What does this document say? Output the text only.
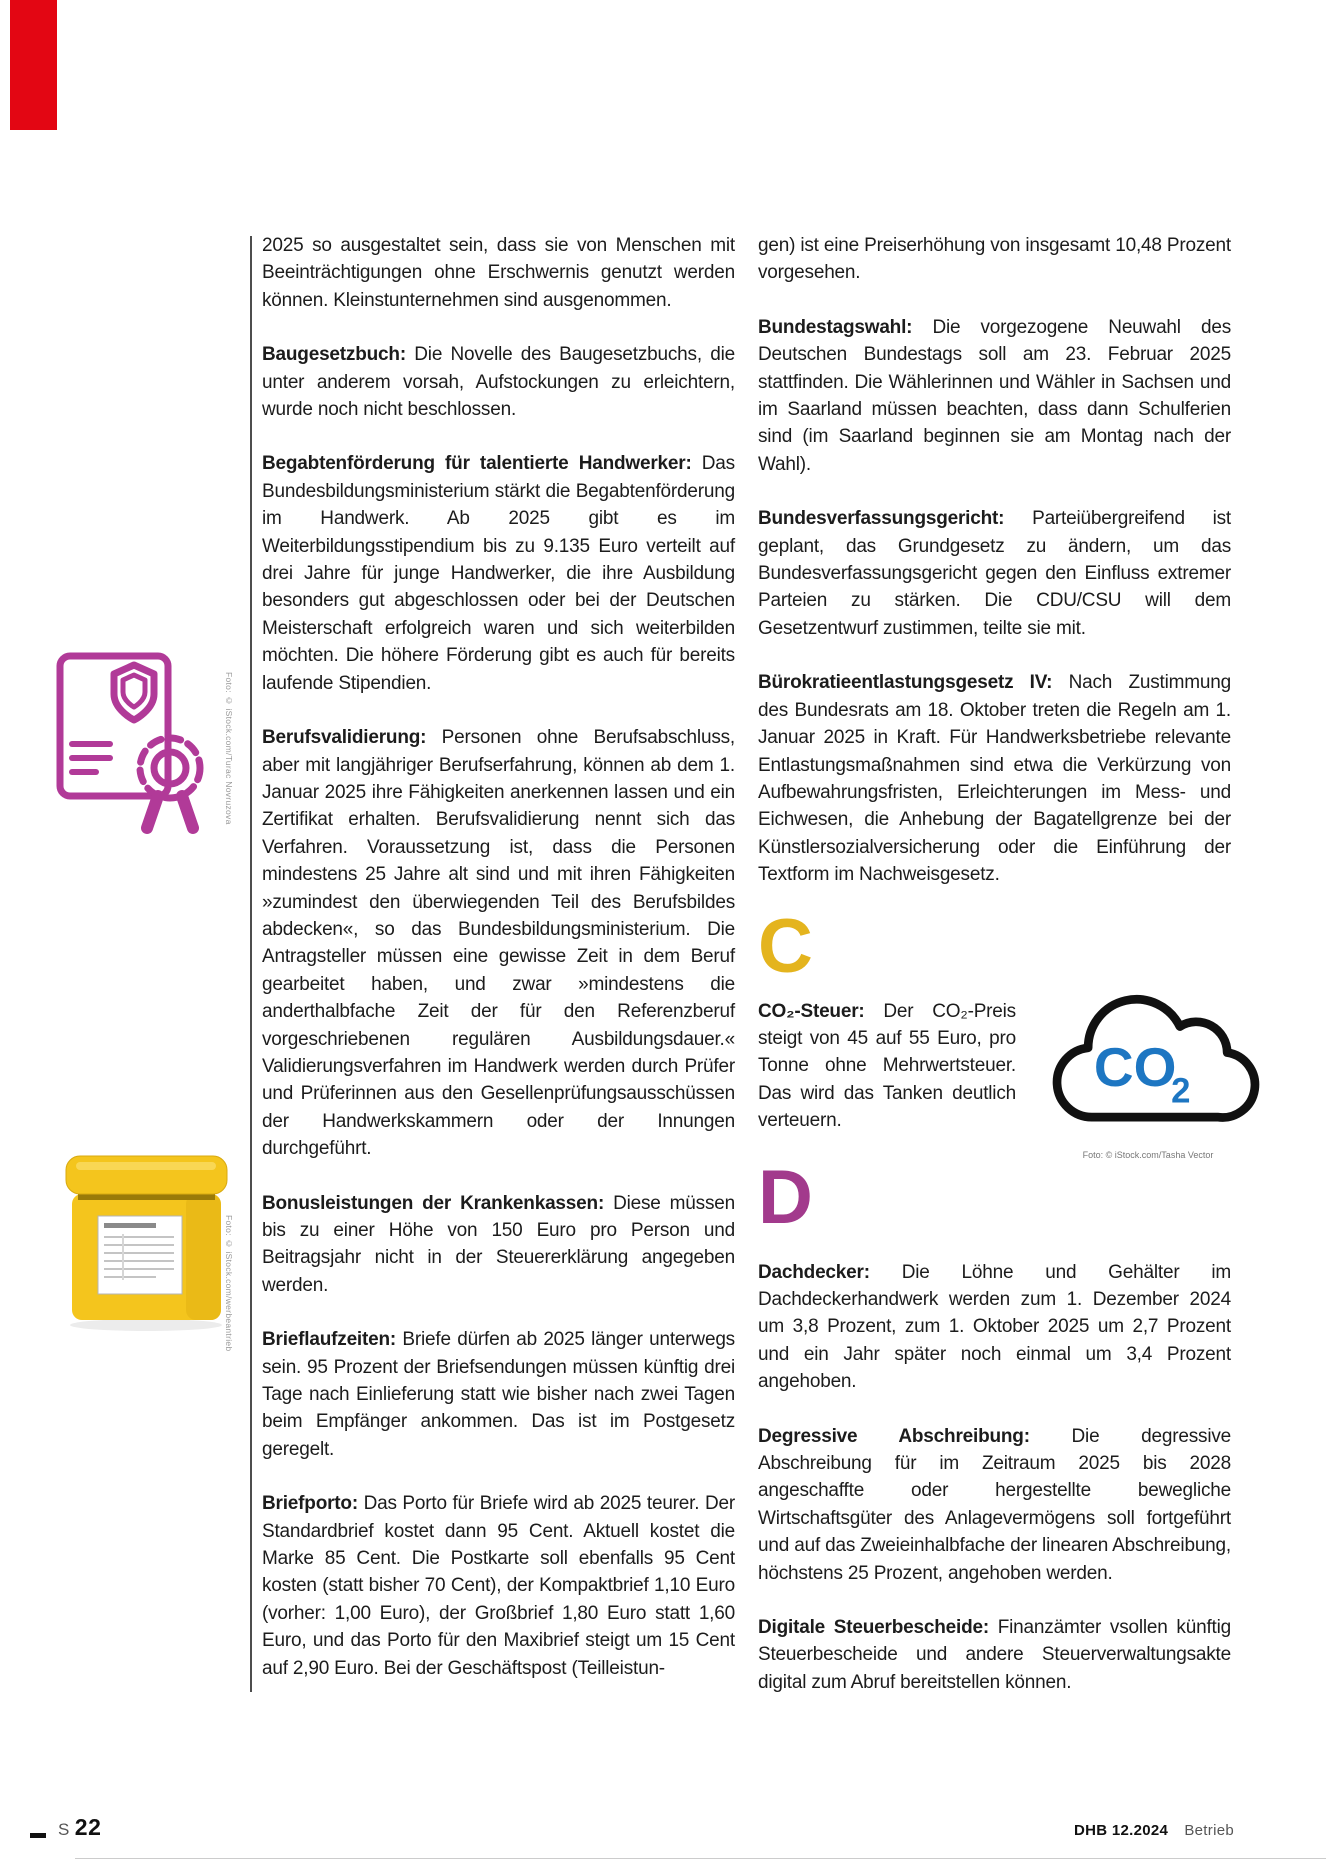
Foto: © iStock.com/Turac Novruzova
Foto: © iStock.com/werbeantrieb

2025 so ausgestaltet sein, dass sie von Menschen mit Beeinträchtigungen ohne Erschwernis genutzt werden können. Kleinstunternehmen sind ausgenommen.

Baugesetzbuch: Die Novelle des Baugesetzbuchs, die unter anderem vorsah, Aufstockungen zu erleichtern, wurde noch nicht beschlossen.

Begabtenförderung für talentierte Handwerker: Das Bundesbildungsministerium stärkt die Begabtenförderung im Handwerk. Ab 2025 gibt es im Weiterbildungsstipendium bis zu 9.135 Euro verteilt auf drei Jahre für junge Handwerker, die ihre Ausbildung besonders gut abgeschlossen oder bei der Deutschen Meisterschaft erfolgreich waren und sich weiterbilden möchten. Die höhere Förderung gibt es auch für bereits laufende Stipendien.

Berufsvalidierung: Personen ohne Berufsabschluss, aber mit langjähriger Berufserfahrung, können ab dem 1. Januar 2025 ihre Fähigkeiten anerkennen lassen und ein Zertifikat erhalten. Berufsvalidierung nennt sich das Verfahren. Voraussetzung ist, dass die Personen mindestens 25 Jahre alt sind und mit ihren Fähigkeiten »zumindest den überwiegenden Teil des Berufsbildes abdecken«, so das Bundesbildungsministerium. Die Antragsteller müssen eine gewisse Zeit in dem Beruf gearbeitet haben, und zwar »mindestens die anderthalbfache Zeit der für den Referenzberuf vorgeschriebenen regulären Ausbildungsdauer.« Validierungsverfahren im Handwerk werden durch Prüfer und Prüferinnen aus den Gesellenprüfungsausschüssen der Handwerkskammern oder der Innungen durchgeführt.

Bonusleistungen der Krankenkassen: Diese müssen bis zu einer Höhe von 150 Euro pro Person und Beitragsjahr nicht in der Steuererklärung angegeben werden.

Brieflaufzeiten: Briefe dürfen ab 2025 länger unterwegs sein. 95 Prozent der Briefsendungen müssen künftig drei Tage nach Einlieferung statt wie bisher nach zwei Tagen beim Empfänger ankommen. Das ist im Postgesetz geregelt.

Briefporto: Das Porto für Briefe wird ab 2025 teurer. Der Standardbrief kostet dann 95 Cent. Aktuell kostet die Marke 85 Cent. Die Postkarte soll ebenfalls 95 Cent kosten (statt bisher 70 Cent), der Kompaktbrief 1,10 Euro (vorher: 1,00 Euro), der Großbrief 1,80 Euro statt 1,60 Euro, und das Porto für den Maxibrief steigt um 15 Cent auf 2,90 Euro. Bei der Geschäftspost (Teilleistun-

gen) ist eine Preiserhöhung von insgesamt 10,48 Prozent vorgesehen.

Bundestagswahl: Die vorgezogene Neuwahl des Deutschen Bundestags soll am 23. Februar 2025 stattfinden. Die Wählerinnen und Wähler in Sachsen und im Saarland müssen beachten, dass dann Schulferien sind (im Saarland beginnen sie am Montag nach der Wahl).

Bundesverfassungsgericht: Parteiübergreifend ist geplant, das Grundgesetz zu ändern, um das Bundesverfassungsgericht gegen den Einfluss extremer Parteien zu stärken. Die CDU/CSU will dem Gesetzentwurf zustimmen, teilte sie mit.

Bürokratieentlastungsgesetz IV: Nach Zustimmung des Bundesrats am 18. Oktober treten die Regeln am 1. Januar 2025 in Kraft. Für Handwerksbetriebe relevante Entlastungsmaßnahmen sind etwa die Verkürzung von Aufbewahrungsfristen, Erleichterungen im Mess- und Eichwesen, die Anhebung der Bagatellgrenze bei der Künstlersozialversicherung oder die Einführung der Textform im Nachweisgesetz.

C

CO₂-Steuer: Der CO₂-Preis steigt von 45 auf 55 Euro, pro Tonne ohne Mehrwertsteuer. Das wird das Tanken deutlich verteuern.

D

Dachdecker: Die Löhne und Gehälter im Dachdeckerhandwerk werden zum 1. Dezember 2024 um 3,8 Prozent, zum 1. Oktober 2025 um 2,7 Prozent und ein Jahr später noch einmal um 3,4 Prozent angehoben.

Degressive Abschreibung: Die degressive Abschreibung für im Zeitraum 2025 bis 2028 angeschaffte oder hergestellte bewegliche Wirtschaftsgüter des Anlagevermögens soll fortgeführt und auf das Zweieinhalbfache der linearen Abschreibung, höchstens 25 Prozent, angehoben werden.

Digitale Steuerbescheide: Finanzämter vsollen künftig Steuerbescheide und andere Steuerverwaltungsakte digital zum Abruf bereitstellen können.

CO
2
Foto: © iStock.com/Tasha Vector
S 22	DHB 12.2024 Betrieb
